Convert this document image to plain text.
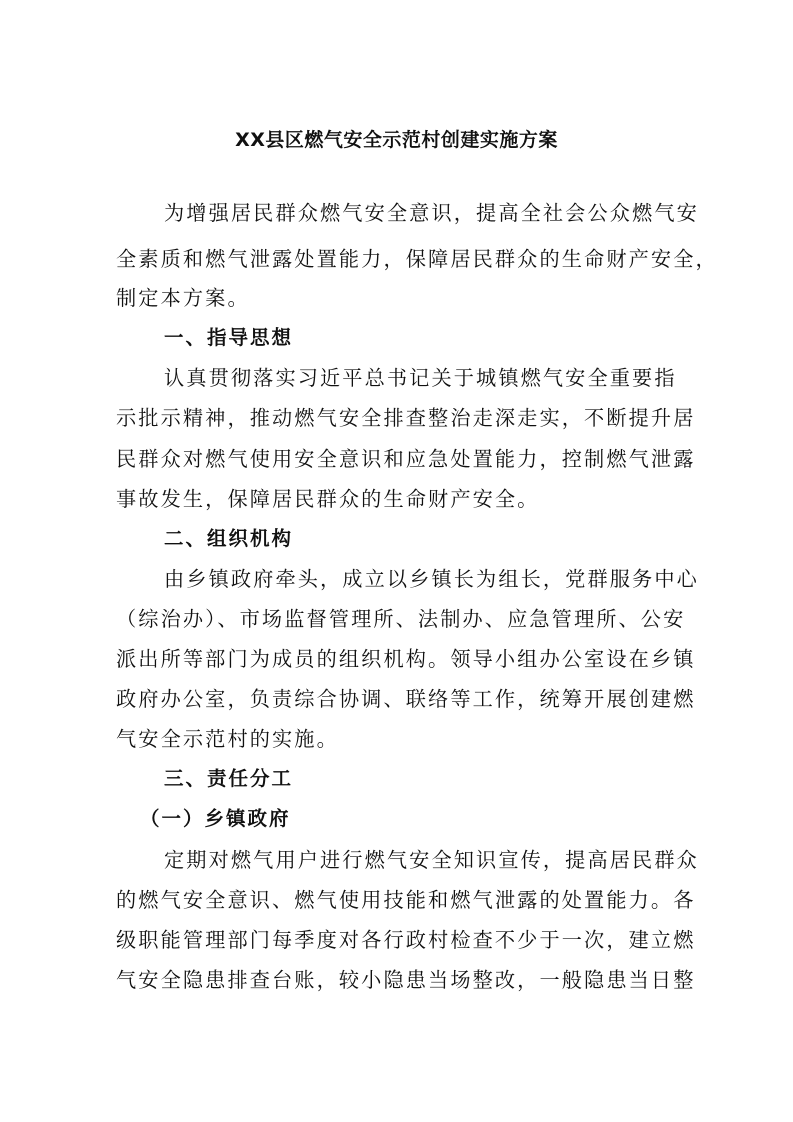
XX县区燃气安全示范村创建实施方案
为增强居民群众燃气安全意识，提高全社会公众燃气安
全素质和燃气泄露处置能力，保障居民群众的生命财产安全，
制定本方案。
一、指导思想
认真贯彻落实习近平总书记关于城镇燃气安全重要指
示批示精神，推动燃气安全排查整治走深走实，不断提升居
民群众对燃气使用安全意识和应急处置能力，控制燃气泄露
事故发生，保障居民群众的生命财产安全。
二、组织机构
由乡镇政府牵头，成立以乡镇长为组长，党群服务中心
（综治办）、市场监督管理所、法制办、应急管理所、公安
派出所等部门为成员的组织机构。领导小组办公室设在乡镇
政府办公室，负责综合协调、联络等工作，统筹开展创建燃
气安全示范村的实施。
三、责任分工
（一）乡镇政府
定期对燃气用户进行燃气安全知识宣传，提高居民群众
的燃气安全意识、燃气使用技能和燃气泄露的处置能力。各
级职能管理部门每季度对各行政村检查不少于一次，建立燃
气安全隐患排查台账，较小隐患当场整改，一般隐患当日整
